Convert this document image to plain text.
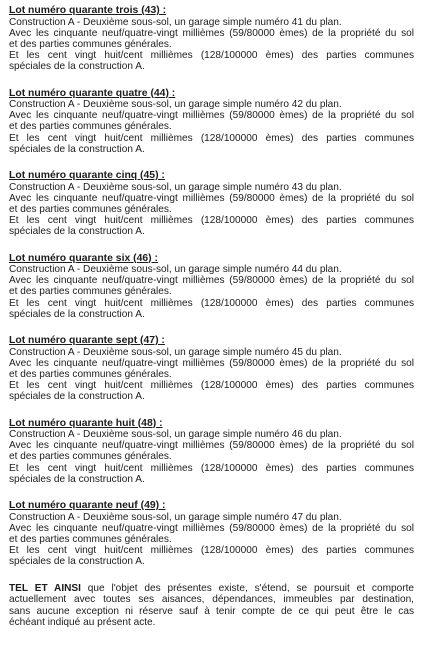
Lot numéro quarante trois (43) :
Construction A - Deuxième sous-sol, un garage simple numéro 41 du plan.
Avec les cinquante neuf/quatre-vingt millièmes (59/80000 èmes) de la propriété du sol
et des parties communes générales.
Et les cent vingt huit/cent millièmes (128/100000 èmes) des parties communes
spéciales de la construction A.
Lot numéro quarante quatre (44) :
Construction A - Deuxième sous-sol, un garage simple numéro 42 du plan.
Avec les cinquante neuf/quatre-vingt millièmes (59/80000 èmes) de la propriété du sol
et des parties communes générales.
Et les cent vingt huit/cent millièmes (128/100000 èmes) des parties communes
spéciales de la construction A.
Lot numéro quarante cinq (45) :
Construction A - Deuxième sous-sol, un garage simple numéro 43 du plan.
Avec les cinquante neuf/quatre-vingt millièmes (59/80000 èmes) de la propriété du sol
et des parties communes générales.
Et les cent vingt huit/cent millièmes (128/100000 èmes) des parties communes
spéciales de la construction A.
Lot numéro quarante six (46) :
Construction A - Deuxième sous-sol, un garage simple numéro 44 du plan.
Avec les cinquante neuf/quatre-vingt millièmes (59/80000 èmes) de la propriété du sol
et des parties communes générales.
Et les cent vingt huit/cent millièmes (128/100000 èmes) des parties communes
spéciales de la construction A.
Lot numéro quarante sept (47) :
Construction A - Deuxième sous-sol, un garage simple numéro 45 du plan.
Avec les cinquante neuf/quatre-vingt millièmes (59/80000 èmes) de la propriété du sol
et des parties communes générales.
Et les cent vingt huit/cent millièmes (128/100000 èmes) des parties communes
spéciales de la construction A.
Lot numéro quarante huit (48) :
Construction A - Deuxième sous-sol, un garage simple numéro 46 du plan.
Avec les cinquante neuf/quatre-vingt millièmes (59/80000 èmes) de la propriété du sol
et des parties communes générales.
Et les cent vingt huit/cent millièmes (128/100000 èmes) des parties communes
spéciales de la construction A.
Lot numéro quarante neuf (49) :
Construction A - Deuxième sous-sol, un garage simple numéro 47 du plan.
Avec les cinquante neuf/quatre-vingt millièmes (59/80000 èmes) de la propriété du sol
et des parties communes générales.
Et les cent vingt huit/cent millièmes (128/100000 èmes) des parties communes
spéciales de la construction A.
TEL ET AINSI que l'objet des présentes existe, s'étend, se poursuit et comporte
actuellement avec toutes ses aisances, dépendances, immeubles par destination,
sans aucune exception ni réserve sauf à tenir compte de ce qui peut être le cas
échéant indiqué au présent acte.
